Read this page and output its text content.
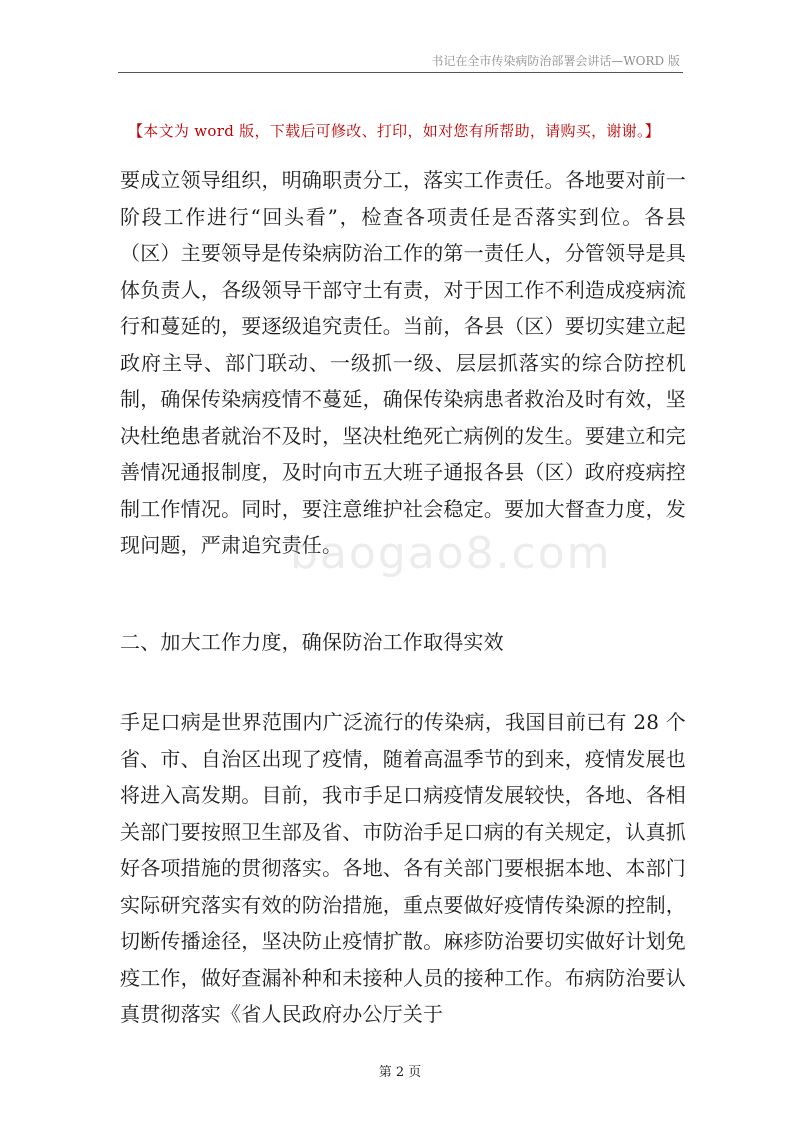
书记在全市传染病防治部署会讲话—WORD 版
【本文为 word 版，下载后可修改、打印，如对您有所帮助，请购买，谢谢。】

要成立领导组织，明确职责分工，落实工作责任。各地要对前一阶段工作进行“回头看”，检查各项责任是否落实到位。各县（区）主要领导是传染病防治工作的第一责任人，分管领导是具体负责人，各级领导干部守土有责，对于因工作不利造成疫病流行和蔓延的，要逐级追究责任。当前，各县（区）要切实建立起政府主导、部门联动、一级抓一级、层层抓落实的综合防控机制，确保传染病疫情不蔓延，确保传染病患者救治及时有效，坚决杜绝患者就治不及时，坚决杜绝死亡病例的发生。要建立和完善情况通报制度，及时向市五大班子通报各县（区）政府疫病控制工作情况。同时，要注意维护社会稳定。要加大督查力度，发现问题，严肃追究责任。

二、加大工作力度，确保防治工作取得实效

手足口病是世界范围内广泛流行的传染病，我国目前已有 28 个省、市、自治区出现了疫情，随着高温季节的到来，疫情发展也将进入高发期。目前，我市手足口病疫情发展较快，各地、各相关部门要按照卫生部及省、市防治手足口病的有关规定，认真抓好各项措施的贯彻落实。各地、各有关部门要根据本地、本部门实际研究落实有效的防治措施，重点要做好疫情传染源的控制，切断传播途径，坚决防止疫情扩散。麻疹防治要切实做好计划免疫工作，做好查漏补种和未接种人员的接种工作。布病防治要认真贯彻落实《省人民政府办公厅关于

baogao8.com
第 2 页
